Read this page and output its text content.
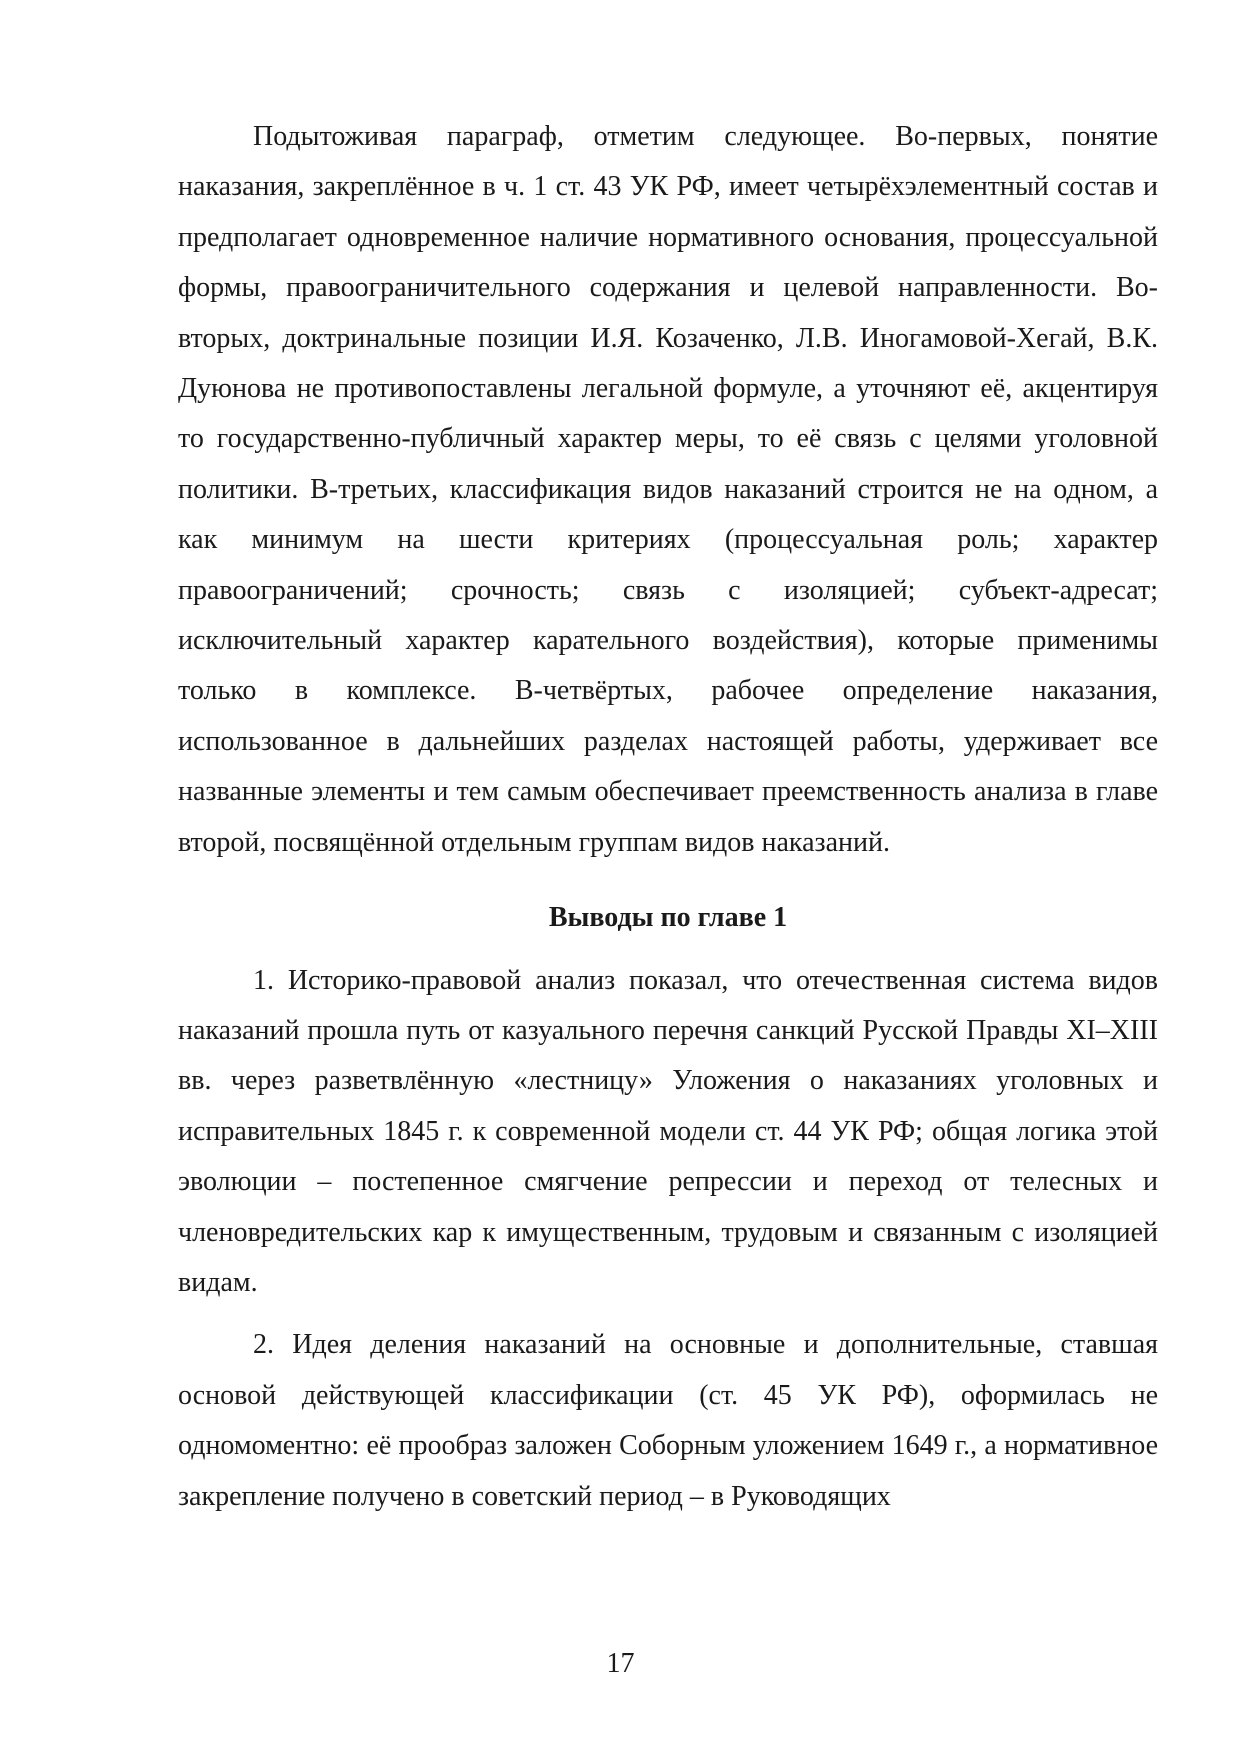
Подытоживая параграф, отметим следующее. Во-первых, понятие наказания, закреплённое в ч. 1 ст. 43 УК РФ, имеет четырёхэлементный состав и предполагает одновременное наличие нормативного основания, процессуальной формы, правоограничительного содержания и целевой направленности. Во-вторых, доктринальные позиции И.Я. Козаченко, Л.В. Иногамовой-Хегай, В.К. Дуюнова не противопоставлены легальной формуле, а уточняют её, акцентируя то государственно-публичный характер меры, то её связь с целями уголовной политики. В-третьих, классификация видов наказаний строится не на одном, а как минимум на шести критериях (процессуальная роль; характер правоограничений; срочность; связь с изоляцией; субъект-адресат; исключительный характер карательного воздействия), которые применимы только в комплексе. В-четвёртых, рабочее определение наказания, использованное в дальнейших разделах настоящей работы, удерживает все названные элементы и тем самым обеспечивает преемственность анализа в главе второй, посвящённой отдельным группам видов наказаний.

Выводы по главе 1

1. Историко-правовой анализ показал, что отечественная система видов наказаний прошла путь от казуального перечня санкций Русской Правды XI–XIII вв. через разветвлённую «лестницу» Уложения о наказаниях уголовных и исправительных 1845 г. к современной модели ст. 44 УК РФ; общая логика этой эволюции – постепенное смягчение репрессии и переход от телесных и членовредительских кар к имущественным, трудовым и связанным с изоляцией видам.

2. Идея деления наказаний на основные и дополнительные, ставшая основой действующей классификации (ст. 45 УК РФ), оформилась не одномоментно: её прообраз заложен Соборным уложением 1649 г., а нормативное закрепление получено в советский период – в Руководящих

17
